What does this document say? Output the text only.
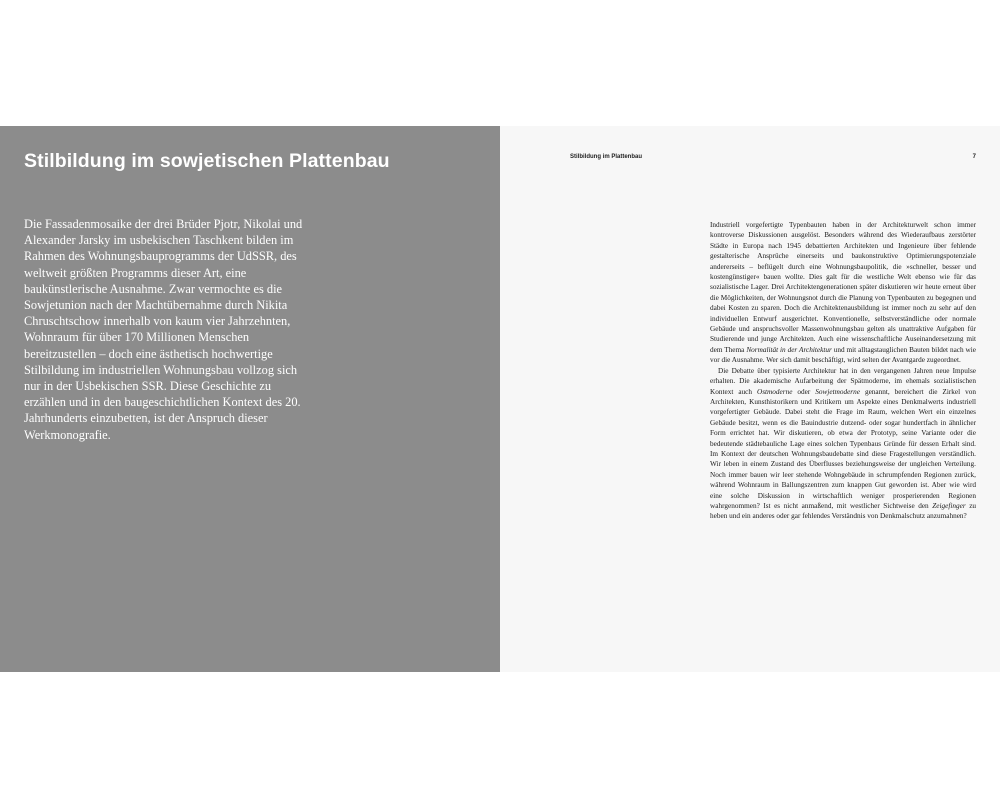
Stilbildung im sowjetischen Plattenbau

Die Fassadenmosaike der drei Brüder Pjotr, Nikolai und Alexander Jarsky im usbekischen Taschkent bilden im Rahmen des Wohnungsbauprogramms der UdSSR, des weltweit größten Programms dieser Art, eine baukünstlerische Ausnahme. Zwar vermochte es die Sowjetunion nach der Machtübernahme durch Nikita Chruschtschow innerhalb von kaum vier Jahrzehnten, Wohnraum für über 170 Millionen Menschen bereitzustellen – doch eine ästhetisch hochwertige Stilbildung im industriellen Wohnungsbau vollzog sich nur in der Usbekischen SSR. Diese Geschichte zu erzählen und in den baugeschichtlichen Kontext des 20. Jahrhunderts einzubetten, ist der Anspruch dieser Werkmonografie.

Stilbildung im Plattenbau	7

Industriell vorgefertigte Typenbauten haben in der Architekturwelt schon immer kontroverse Diskussionen ausgelöst. Besonders während des Wiederaufbaus zerstörter Städte in Europa nach 1945 debattierten Architekten und Ingenieure über fehlende gestalterische Ansprüche einerseits und baukonstruktive Optimierungspotenziale andererseits – beflügelt durch eine Wohnungsbaupolitik, die »schneller, besser und kostengünstiger« bauen wollte. Dies galt für die westliche Welt ebenso wie für das sozialistische Lager. Drei Architektengenerationen später diskutieren wir heute erneut über die Möglichkeiten, der Wohnungsnot durch die Planung von Typenbauten zu begegnen und dabei Kosten zu sparen. Doch die Architektenausbildung ist immer noch zu sehr auf den individuellen Entwurf ausgerichtet. Konventionelle, selbstverständliche oder normale Gebäude und anspruchsvoller Massenwohnungsbau gelten als unattraktive Aufgaben für Studierende und junge Architekten. Auch eine wissenschaftliche Auseinandersetzung mit dem Thema Normalität in der Architektur und mit alltagstauglichen Bauten bildet nach wie vor die Ausnahme. Wer sich damit beschäftigt, wird selten der Avantgarde zugeordnet.

Die Debatte über typisierte Architektur hat in den vergangenen Jahren neue Impulse erhalten. Die akademische Aufarbeitung der Spätmoderne, im ehemals sozialistischen Kontext auch Ostmoderne oder Sowjetmoderne genannt, bereichert die Zirkel von Architekten, Kunsthistorikern und Kritikern um Aspekte eines Denkmalwerts industriell vorgefertigter Gebäude. Dabei steht die Frage im Raum, welchen Wert ein einzelnes Gebäude besitzt, wenn es die Bauindustrie dutzend- oder sogar hundertfach in ähnlicher Form errichtet hat. Wir diskutieren, ob etwa der Prototyp, seine Variante oder die bedeutende städtebauliche Lage eines solchen Typenbaus Gründe für dessen Erhalt sind. Im Kontext der deutschen Wohnungsbaudebatte sind diese Fragestellungen verständlich. Wir leben in einem Zustand des Überflusses beziehungsweise der ungleichen Verteilung. Noch immer bauen wir leer stehende Wohngebäude in schrumpfenden Regionen zurück, während Wohnraum in Ballungszentren zum knappen Gut geworden ist. Aber wie wird eine solche Diskussion in wirtschaftlich weniger prosperierenden Regionen wahrgenommen? Ist es nicht anmaßend, mit westlicher Sichtweise den Zeigefinger zu heben und ein anderes oder gar fehlendes Verständnis von Denkmalschutz anzumahnen?
